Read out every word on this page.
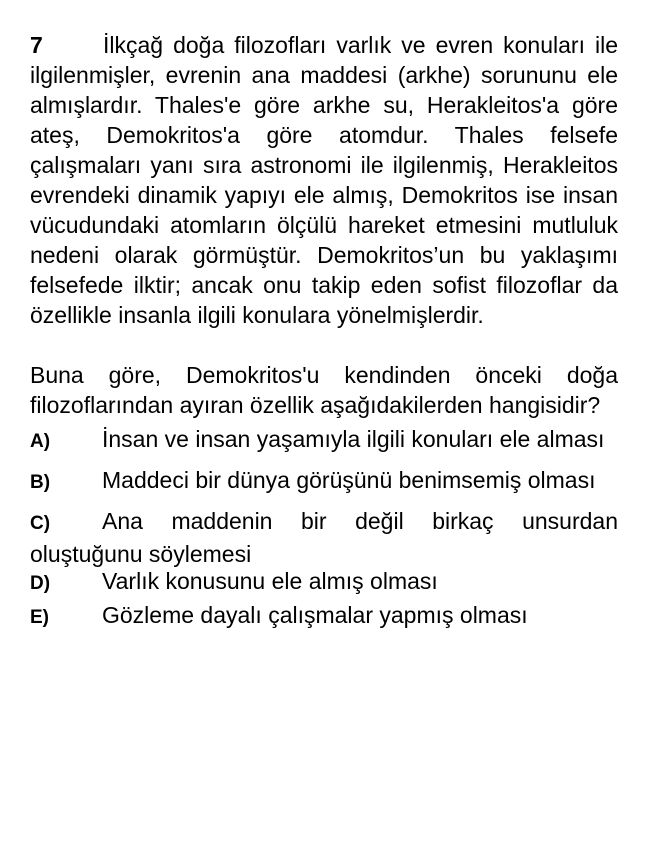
7	İlkçağ doğa filozofları varlık ve evren konuları ile ilgilenmişler, evrenin ana maddesi (arkhe) sorununu ele almışlardır. Thales'e göre arkhe su, Herakleitos'a göre ateş, Demokritos'a göre atomdur. Thales felsefe çalışmaları yanı sıra astronomi ile ilgilenmiş, Herakleitos evrendeki dinamik yapıyı ele almış, Demokritos ise insan vücudundaki atomların ölçülü hareket etmesini mutluluk nedeni olarak görmüştür. Demokritos’un bu yaklaşımı felsefede ilktir; ancak onu takip eden sofist filozoflar da özellikle insanla ilgili konulara yönelmişlerdir.

Buna göre, Demokritos'u kendinden önceki doğa filozoflarından ayıran özellik aşağıdakilerden hangisidir?

A) İnsan ve insan yaşamıyla ilgili konuları ele alması

B) Maddeci bir dünya görüşünü benimsemiş olması

C) Ana maddenin bir değil birkaç unsurdan oluştuğunu söylemesi

D) Varlık konusunu ele almış olması

E) Gözleme dayalı çalışmalar yapmış olması
